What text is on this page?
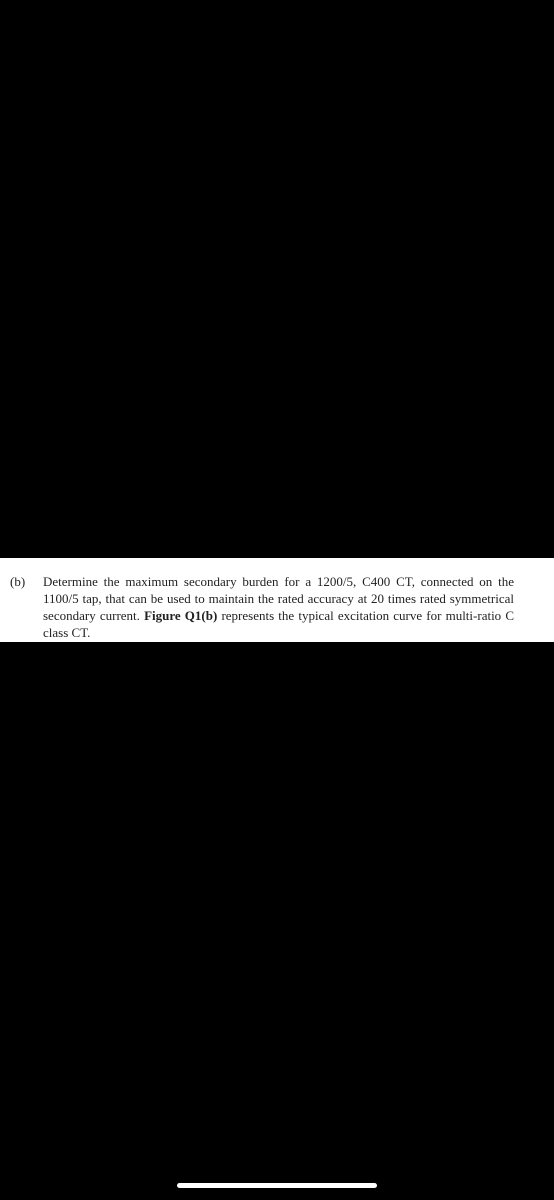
(b)	Determine the maximum secondary burden for a 1200/5, C400 CT, connected on the 1100/5 tap, that can be used to maintain the rated accuracy at 20 times rated symmetrical secondary current. Figure Q1(b) represents the typical excitation curve for multi-ratio C class CT.
